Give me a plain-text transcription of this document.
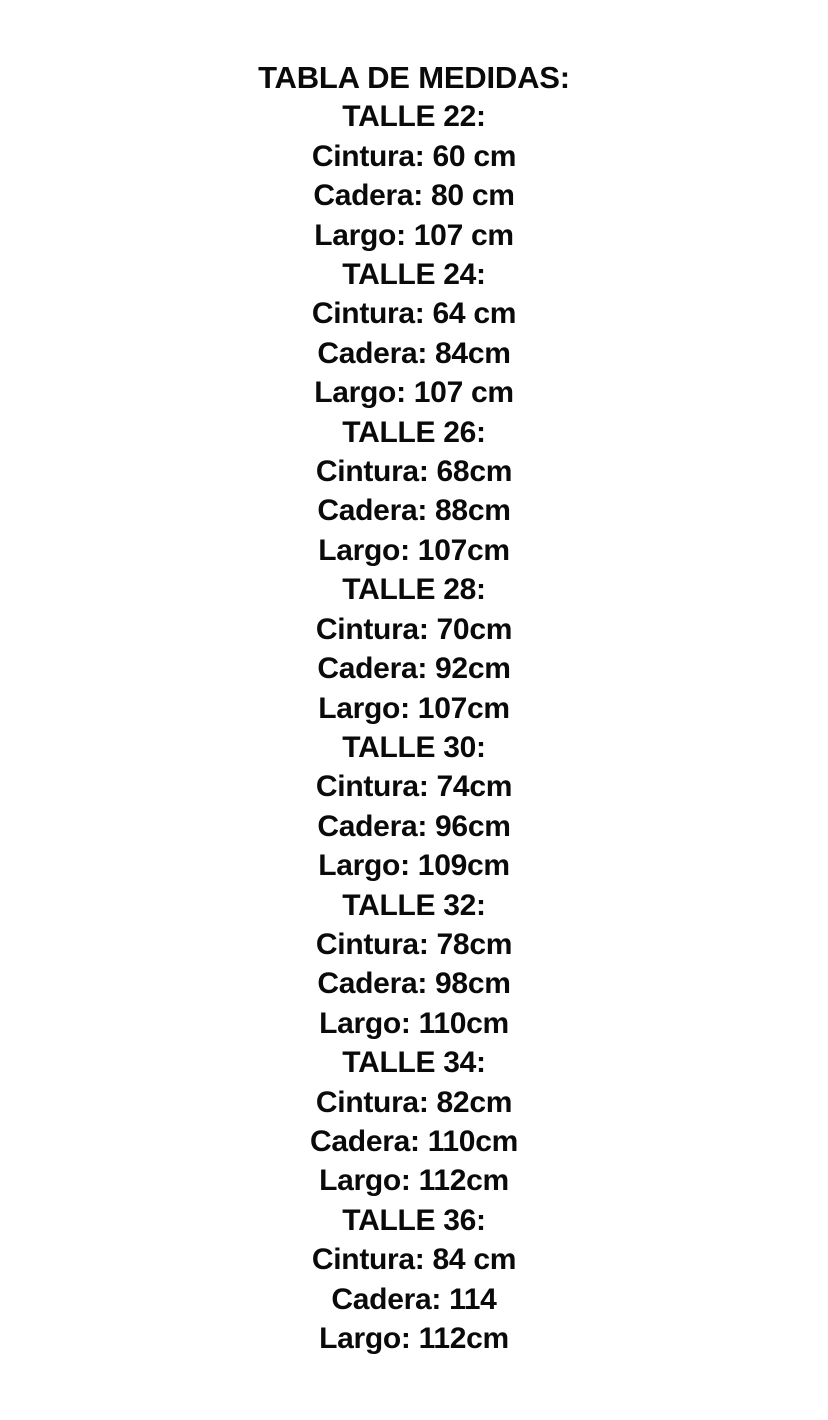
TABLA DE MEDIDAS:
TALLE 22:
Cintura: 60 cm
Cadera: 80 cm
Largo: 107 cm
TALLE 24:
Cintura: 64 cm
Cadera: 84cm
Largo: 107 cm
TALLE 26:
Cintura: 68cm
Cadera: 88cm
Largo: 107cm
TALLE 28:
Cintura: 70cm
Cadera: 92cm
Largo: 107cm
TALLE 30:
Cintura: 74cm
Cadera: 96cm
Largo: 109cm
TALLE 32:
Cintura: 78cm
Cadera: 98cm
Largo: 110cm
TALLE 34:
Cintura: 82cm
Cadera: 110cm
Largo: 112cm
TALLE 36:
Cintura: 84 cm
Cadera: 114
Largo: 112cm
